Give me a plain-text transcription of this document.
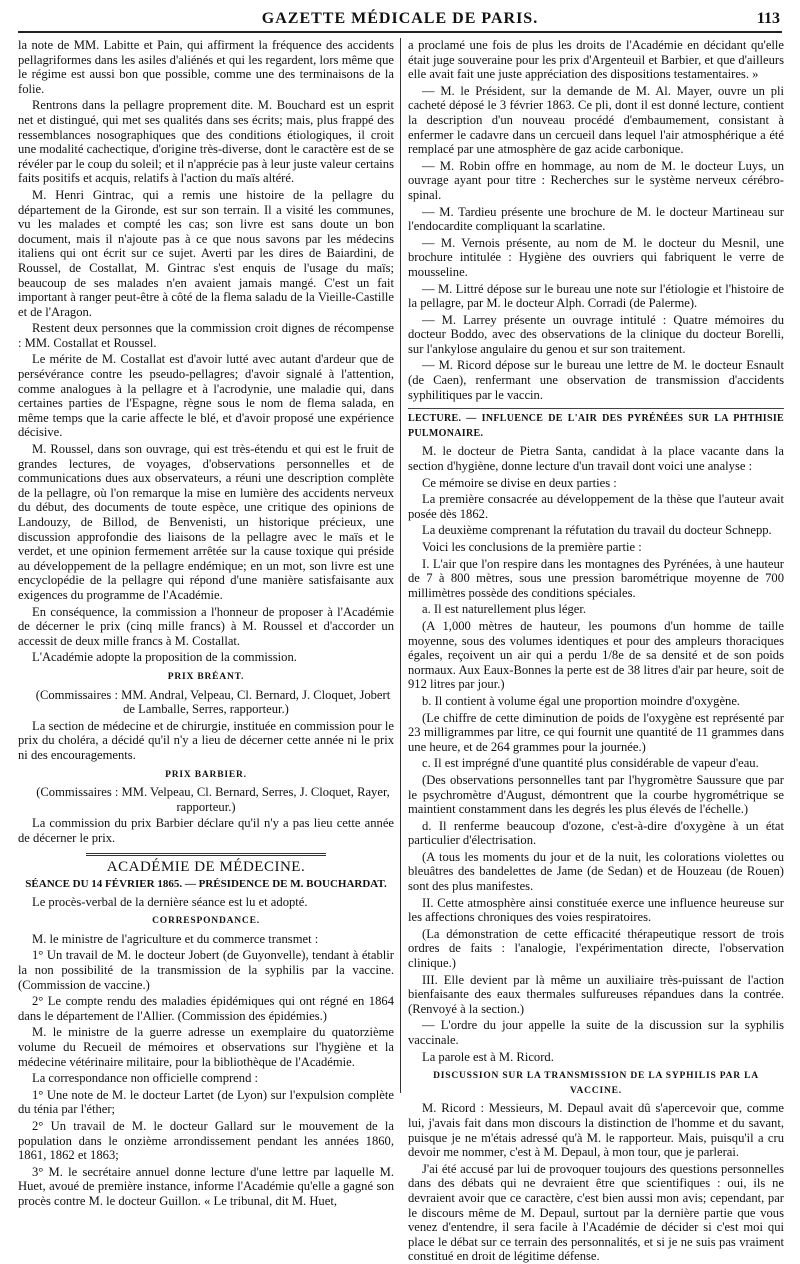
GAZETTE MÉDICALE DE PARIS.	113

la note de MM. Labitte et Pain, qui affirment la fréquence des accidents pellagriformes dans les asiles d'aliénés et qui les regardent, lors même que le régime est aussi bon que possible, comme une des terminaisons de la folie.

Rentrons dans la pellagre proprement dite. M. Bouchard est un esprit net et distingué, qui met ses qualités dans ses écrits; mais, plus frappé des ressemblances nosographiques que des conditions étiologiques, il croit une modalité cachectique, d'origine très-diverse, dont le caractère est de se révéler par le coup du soleil; et il n'apprécie pas à leur juste valeur certains faits positifs et acquis, relatifs à l'action du maïs altéré.

M. Henri Gintrac, qui a remis une histoire de la pellagre du département de la Gironde, est sur son terrain. Il a visité les communes, vu les malades et compté les cas; son livre est sans doute un bon document, mais il n'ajoute pas à ce que nous savons par les médecins italiens qui ont écrit sur ce sujet. Averti par les dires de Baiardini, de Roussel, de Costallat, M. Gintrac s'est enquis de l'usage du maïs; beaucoup de ses malades n'en avaient jamais mangé. C'est un fait important à ranger peut-être à côté de la flema saladu de la Vieille-Castille et de l'Aragon.

Restent deux personnes que la commission croit dignes de récompense : MM. Costallat et Roussel.

Le mérite de M. Costallat est d'avoir lutté avec autant d'ardeur que de persévérance contre les pseudo-pellagres; d'avoir signalé à l'attention, comme analogues à la pellagre et à l'acrodynie, une maladie qui, dans certaines parties de l'Espagne, règne sous le nom de flema salada, en même temps que la carie affecte le blé, et d'avoir proposé une expérience décisive.

M. Roussel, dans son ouvrage, qui est très-étendu et qui est le fruit de grandes lectures, de voyages, d'observations personnelles et de communications dues aux observateurs, a réuni une description complète de la pellagre, où l'on remarque la mise en lumière des accidents nerveux du début, des documents de toute espèce, une critique des opinions de Landouzy, de Billod, de Benvenisti, un historique précieux, une discussion approfondie des liaisons de la pellagre avec le maïs et le verdet, et une opinion fermement arrêtée sur la cause toxique qui préside au développement de la pellagre endémique; en un mot, son livre est une encyclopédie de la pellagre qui répond d'une manière satisfaisante aux exigences du programme de l'Académie.

En conséquence, la commission a l'honneur de proposer à l'Académie de décerner le prix (cinq mille francs) à M. Roussel et d'accorder un accessit de deux mille francs à M. Costallat.

L'Académie adopte la proposition de la commission.

PRIX BRÉANT.

(Commissaires : MM. Andral, Velpeau, Cl. Bernard, J. Cloquet, Jobert de Lamballe, Serres, rapporteur.)

La section de médecine et de chirurgie, instituée en commission pour le prix du choléra, a décidé qu'il n'y a lieu de décerner cette année ni le prix ni des encouragements.

PRIX BARBIER.

(Commissaires : MM. Velpeau, Cl. Bernard, Serres, J. Cloquet, Rayer, rapporteur.)

La commission du prix Barbier déclare qu'il n'y a pas lieu cette année de décerner le prix.

ACADÉMIE DE MÉDECINE.
SÉANCE DU 14 FÉVRIER 1865. — PRÉSIDENCE DE M. BOUCHARDAT.

Le procès-verbal de la dernière séance est lu et adopté.

CORRESPONDANCE.

M. le ministre de l'agriculture et du commerce transmet :

1° Un travail de M. le docteur Jobert (de Guyonvelle), tendant à établir la non possibilité de la transmission de la syphilis par la vaccine. (Commission de vaccine.)

2° Le compte rendu des maladies épidémiques qui ont régné en 1864 dans le département de l'Allier. (Commission des épidémies.)

M. le ministre de la guerre adresse un exemplaire du quatorzième volume du Recueil de mémoires et observations sur l'hygiène et la médecine vétérinaire militaire, pour la bibliothèque de l'Académie.

La correspondance non officielle comprend :

1° Une note de M. le docteur Lartet (de Lyon) sur l'expulsion complète du ténia par l'éther;

2° Un travail de M. le docteur Gallard sur le mouvement de la population dans le onzième arrondissement pendant les années 1860, 1861, 1862 et 1863;

3° M. le secrétaire annuel donne lecture d'une lettre par laquelle M. Huet, avoué de première instance, informe l'Académie qu'elle a gagné son procès contre M. le docteur Guillon. « Le tribunal, dit M. Huet,

a proclamé une fois de plus les droits de l'Académie en décidant qu'elle était juge souveraine pour les prix d'Argenteuil et Barbier, et que d'ailleurs elle avait fait une juste appréciation des dispositions testamentaires. »

— M. le Président, sur la demande de M. Al. Mayer, ouvre un pli cacheté déposé le 3 février 1863. Ce pli, dont il est donné lecture, contient la description d'un nouveau procédé d'embaumement, consistant à enfermer le cadavre dans un cercueil dans lequel l'air atmosphérique a été remplacé par une atmosphère de gaz acide carbonique.

— M. Robin offre en hommage, au nom de M. le docteur Luys, un ouvrage ayant pour titre : Recherches sur le système nerveux cérébro-spinal.

— M. Tardieu présente une brochure de M. le docteur Martineau sur l'endocardite compliquant la scarlatine.

— M. Vernois présente, au nom de M. le docteur du Mesnil, une brochure intitulée : Hygiène des ouvriers qui fabriquent le verre de mousseline.

— M. Littré dépose sur le bureau une note sur l'étiologie et l'histoire de la pellagre, par M. le docteur Alph. Corradi (de Palerme).

— M. Larrey présente un ouvrage intitulé : Quatre mémoires du docteur Boddo, avec des observations de la clinique du docteur Borelli, sur l'ankylose angulaire du genou et sur son traitement.

— M. Ricord dépose sur le bureau une lettre de M. le docteur Esnault (de Caen), renfermant une observation de transmission d'accidents syphilitiques par le vaccin.

LECTURE. — INFLUENCE DE L'AIR DES PYRÉNÉES SUR LA PHTHISIE PULMONAIRE.

M. le docteur de Pietra Santa, candidat à la place vacante dans la section d'hygiène, donne lecture d'un travail dont voici une analyse :

Ce mémoire se divise en deux parties :

La première consacrée au développement de la thèse que l'auteur avait posée dès 1862.

La deuxième comprenant la réfutation du travail du docteur Schnepp.

Voici les conclusions de la première partie :

I. L'air que l'on respire dans les montagnes des Pyrénées, à une hauteur de 7 à 800 mètres, sous une pression barométrique moyenne de 700 millimètres possède des conditions spéciales.

a. Il est naturellement plus léger.

(A 1,000 mètres de hauteur, les poumons d'un homme de taille moyenne, sous des volumes identiques et pour des ampleurs thoraciques égales, reçoivent un air qui a perdu 1/8e de sa densité et de son poids normaux. Aux Eaux-Bonnes la perte est de 38 litres d'air par heure, soit de 912 litres par jour.)

b. Il contient à volume égal une proportion moindre d'oxygène.

(Le chiffre de cette diminution de poids de l'oxygène est représenté par 23 milligrammes par litre, ce qui fournit une quantité de 11 grammes dans une heure, et de 264 grammes pour la journée.)

c. Il est imprégné d'une quantité plus considérable de vapeur d'eau.

(Des observations personnelles tant par l'hygromètre Saussure que par le psychromètre d'August, démontrent que la courbe hygrométrique se maintient constamment dans les degrés les plus élevés de l'échelle.)

d. Il renferme beaucoup d'ozone, c'est-à-dire d'oxygène à un état particulier d'électrisation.

(A tous les moments du jour et de la nuit, les colorations violettes ou bleuâtres des bandelettes de Jame (de Sedan) et de Houzeau (de Rouen) sont des plus manifestes.

II. Cette atmosphère ainsi constituée exerce une influence heureuse sur les affections chroniques des voies respiratoires.

(La démonstration de cette efficacité thérapeutique ressort de trois ordres de faits : l'analogie, l'expérimentation directe, l'observation clinique.)

III. Elle devient par là même un auxiliaire très-puissant de l'action bienfaisante des eaux thermales sulfureuses répandues dans la contrée. (Renvoyé à la section.)

— L'ordre du jour appelle la suite de la discussion sur la syphilis vaccinale.

La parole est à M. Ricord.

DISCUSSION SUR LA TRANSMISSION DE LA SYPHILIS PAR LA VACCINE.

M. Ricord : Messieurs, M. Depaul avait dû s'apercevoir que, comme lui, j'avais fait dans mon discours la distinction de l'homme et du savant, puisque je ne m'étais adressé qu'à M. le rapporteur. Mais, puisqu'il a cru devoir me nommer, c'est à M. Depaul, à mon tour, que je parlerai.

J'ai été accusé par lui de provoquer toujours des questions personnelles dans des débats qui ne devraient être que scientifiques : oui, ils ne devraient avoir que ce caractère, c'est bien aussi mon avis; cependant, par le discours même de M. Depaul, surtout par la dernière partie que vous venez d'entendre, il sera facile à l'Académie de décider si c'est moi qui place le débat sur ce terrain des personnalités, et si je ne suis pas vraiment constitué en droit de légitime défense.
